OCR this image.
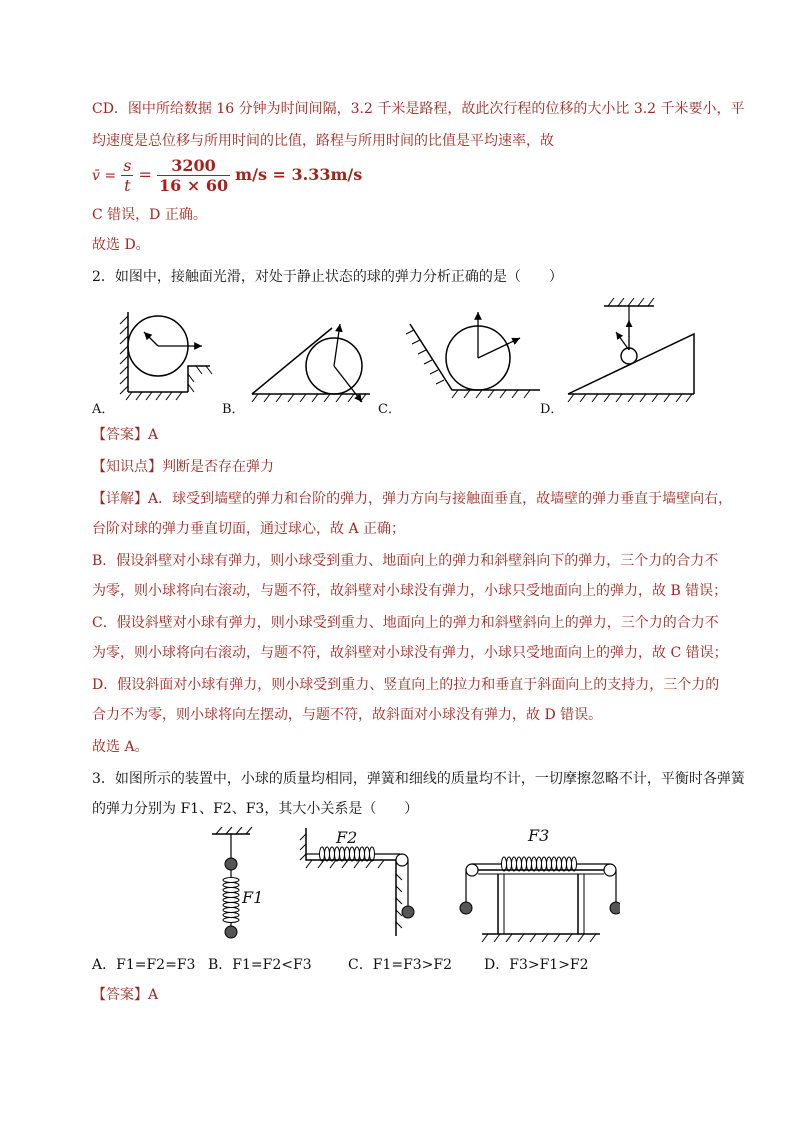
CD．图中所给数据 16 分钟为时间间隔，3.2 千米是路程，故此次行程的位移的大小比 3.2 千米要小，平
均速度是总位移与所用时间的比值，路程与所用时间的比值是平均速率，故
v̄ = $\frac{s}{t} = \frac{3200}{16 \times 60} m/s = 3.33m/s$
C 错误，D 正确。
故选 D。
2．如图中，接触面光滑，对处于静止状态的球的弹力分析正确的是（　　）
A．	B．	C．	D．
【答案】A
【知识点】判断是否存在弹力
【详解】A．球受到墙壁的弹力和台阶的弹力，弹力方向与接触面垂直，故墙壁的弹力垂直于墙壁向右，
台阶对球的弹力垂直切面，通过球心，故 A 正确；
B．假设斜壁对小球有弹力，则小球受到重力、地面向上的弹力和斜壁斜向下的弹力，三个力的合力不
为零，则小球将向右滚动，与题不符，故斜壁对小球没有弹力，小球只受地面向上的弹力，故 B 错误；
C．假设斜壁对小球有弹力，则小球受到重力、地面向上的弹力和斜壁斜向上的弹力，三个力的合力不
为零，则小球将向右滚动，与题不符，故斜壁对小球没有弹力，小球只受地面向上的弹力，故 C 错误；
D．假设斜面对小球有弹力，则小球受到重力、竖直向上的拉力和垂直于斜面向上的支持力，三个力的
合力不为零，则小球将向左摆动，与题不符，故斜面对小球没有弹力，故 D 错误。
故选 A。
3．如图所示的装置中，小球的质量均相同，弹簧和细线的质量均不计，一切摩擦忽略不计，平衡时各弹簧
的弹力分别为 F1、F2、F3，其大小关系是（　　）
F2
F1
F3
A．F1=F2=F3 B．F1=F2<F3	C．F1=F3>F2 D．F3>F1>F2
【答案】A
